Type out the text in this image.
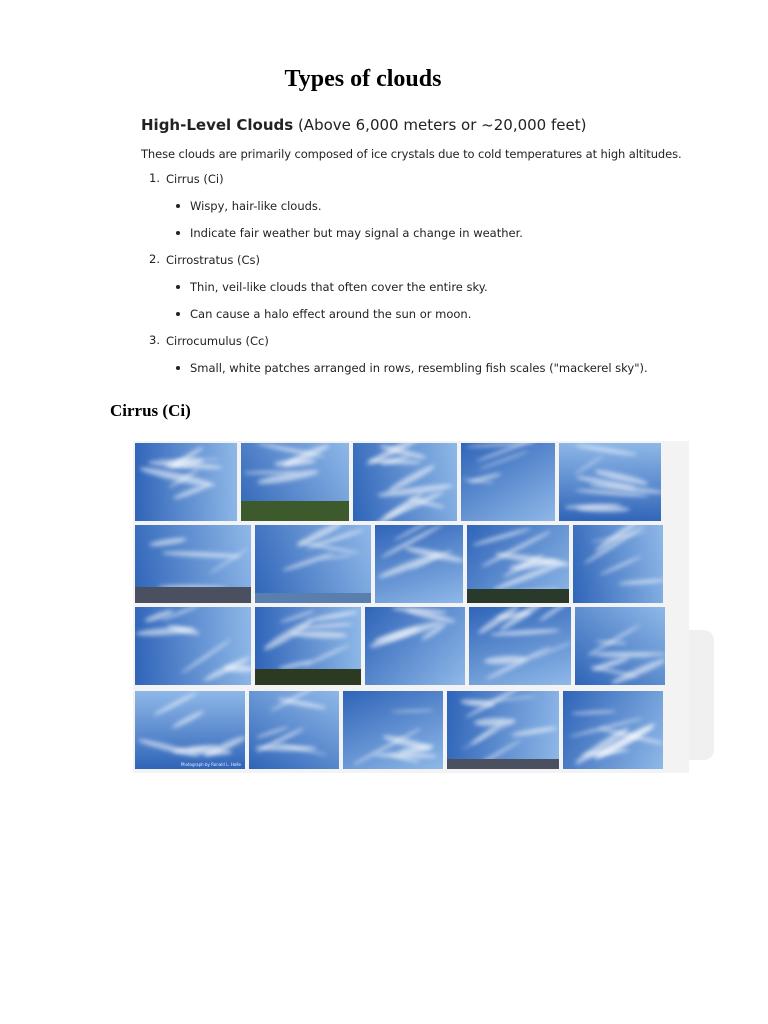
Types of clouds
High-Level Clouds (Above 6,000 meters or ~20,000 feet)

These clouds are primarily composed of ice crystals due to cold temperatures at high altitudes.

1. Cirrus (Ci)
Wispy, hair-like clouds.
Indicate fair weather but may signal a change in weather.
2. Cirrostratus (Cs)
Thin, veil-like clouds that often cover the entire sky.
Can cause a halo effect around the sun or moon.
3. Cirrocumulus (Cc)
Small, white patches arranged in rows, resembling fish scales ("mackerel sky").
Cirrus (Ci)
Photograph by Ronald L. Holle
